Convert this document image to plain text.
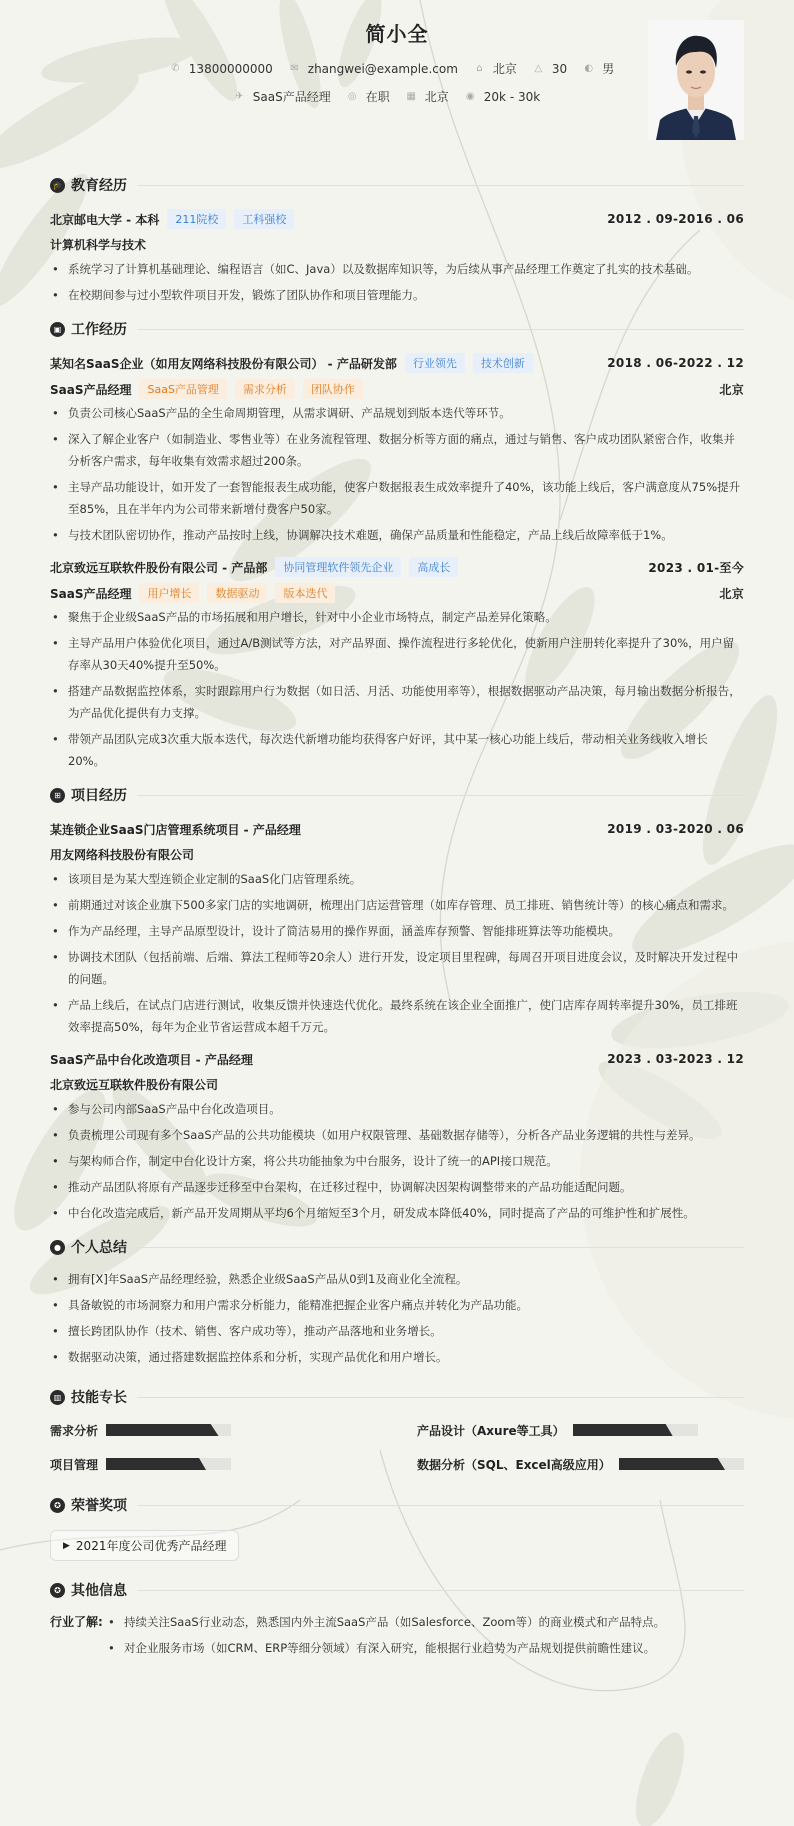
简小全
✆ 13800000000 ✉ zhangwei@example.com ⌂ 北京 △ 30 ◐ 男
✈ SaaS产品经理 ◎ 在职 ▦ 北京 ◉ 20k - 30k
🎓 教育经历
北京邮电大学 - 本科	211院校	工科强校	2012 . 09-2016 . 06
计算机科学与技术
• 系统学习了计算机基础理论、编程语言（如C、Java）以及数据库知识等，为后续从事产品经理工作奠定了扎实的技术基础。
• 在校期间参与过小型软件项目开发，锻炼了团队协作和项目管理能力。
▣ 工作经历
某知名SaaS企业（如用友网络科技股份有限公司） - 产品研发部	行业领先	技术创新	2018 . 06-2022 . 12
SaaS产品经理	SaaS产品管理	需求分析	团队协作	北京
• 负责公司核心SaaS产品的全生命周期管理，从需求调研、产品规划到版本迭代等环节。
• 深入了解企业客户（如制造业、零售业等）在业务流程管理、数据分析等方面的痛点，通过与销售、客户成功团队紧密合作，收集并分析客户需求，每年收集有效需求超过200条。
• 主导产品功能设计，如开发了一套智能报表生成功能，使客户数据报表生成效率提升了40%，该功能上线后，客户满意度从75%提升至85%，且在半年内为公司带来新增付费客户50家。
• 与技术团队密切协作，推动产品按时上线，协调解决技术难题，确保产品质量和性能稳定，产品上线后故障率低于1%。
北京致远互联软件股份有限公司 - 产品部	协同管理软件领先企业	高成长	2023 . 01-至今
SaaS产品经理	用户增长	数据驱动	版本迭代	北京
• 聚焦于企业级SaaS产品的市场拓展和用户增长，针对中小企业市场特点，制定产品差异化策略。
• 主导产品用户体验优化项目，通过A/B测试等方法，对产品界面、操作流程进行多轮优化，使新用户注册转化率提升了30%，用户留存率从30天40%提升至50%。
• 搭建产品数据监控体系，实时跟踪用户行为数据（如日活、月活、功能使用率等），根据数据驱动产品决策，每月输出数据分析报告，为产品优化提供有力支撑。
• 带领产品团队完成3次重大版本迭代，每次迭代新增功能均获得客户好评，其中某一核心功能上线后，带动相关业务线收入增长20%。
⊞ 项目经历
某连锁企业SaaS门店管理系统项目 - 产品经理	2019 . 03-2020 . 06
用友网络科技股份有限公司
• 该项目是为某大型连锁企业定制的SaaS化门店管理系统。
• 前期通过对该企业旗下500多家门店的实地调研，梳理出门店运营管理（如库存管理、员工排班、销售统计等）的核心痛点和需求。
• 作为产品经理，主导产品原型设计，设计了简洁易用的操作界面，涵盖库存预警、智能排班算法等功能模块。
• 协调技术团队（包括前端、后端、算法工程师等20余人）进行开发，设定项目里程碑，每周召开项目进度会议，及时解决开发过程中的问题。
• 产品上线后，在试点门店进行测试，收集反馈并快速迭代优化。最终系统在该企业全面推广，使门店库存周转率提升30%，员工排班效率提高50%，每年为企业节省运营成本超千万元。
SaaS产品中台化改造项目 - 产品经理	2023 . 03-2023 . 12
北京致远互联软件股份有限公司
• 参与公司内部SaaS产品中台化改造项目。
• 负责梳理公司现有多个SaaS产品的公共功能模块（如用户权限管理、基础数据存储等），分析各产品业务逻辑的共性与差异。
• 与架构师合作，制定中台化设计方案，将公共功能抽象为中台服务，设计了统一的API接口规范。
• 推动产品团队将原有产品逐步迁移至中台架构，在迁移过程中，协调解决因架构调整带来的产品功能适配问题。
• 中台化改造完成后，新产品开发周期从平均6个月缩短至3个月，研发成本降低40%，同时提高了产品的可维护性和扩展性。
● 个人总结
• 拥有[X]年SaaS产品经理经验，熟悉企业级SaaS产品从0到1及商业化全流程。
• 具备敏锐的市场洞察力和用户需求分析能力，能精准把握企业客户痛点并转化为产品功能。
• 擅长跨团队协作（技术、销售、客户成功等），推动产品落地和业务增长。
• 数据驱动决策，通过搭建数据监控体系和分析，实现产品优化和用户增长。
▥ 技能专长
需求分析	产品设计（Axure等工具）
项目管理	数据分析（SQL、Excel高级应用）
✪ 荣誉奖项
▶ 2021年度公司优秀产品经理
✪ 其他信息
行业了解:	• 持续关注SaaS行业动态，熟悉国内外主流SaaS产品（如Salesforce、Zoom等）的商业模式和产品特点。
• 对企业服务市场（如CRM、ERP等细分领域）有深入研究，能根据行业趋势为产品规划提供前瞻性建议。
